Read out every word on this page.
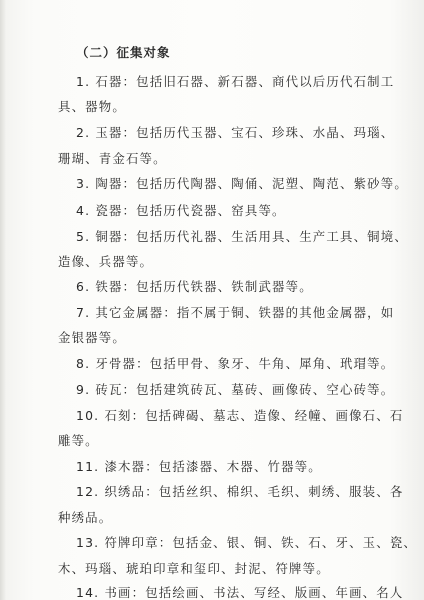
（二）征集对象
1. 石器：包括旧石器、新石器、商代以后历代石制工
具、器物。
2. 玉器：包括历代玉器、宝石、珍珠、水晶、玛瑙、
珊瑚、青金石等。
3. 陶器：包括历代陶器、陶俑、泥塑、陶范、紫砂等。
4. 瓷器：包括历代瓷器、窑具等。
5. 铜器：包括历代礼器、生活用具、生产工具、铜境、
造像、兵器等。
6. 铁器：包括历代铁器、铁制武器等。
7. 其它金属器：指不属于铜、铁器的其他金属器，如
金银器等。
8. 牙骨器：包括甲骨、象牙、牛角、犀角、玳瑁等。
9. 砖瓦：包括建筑砖瓦、墓砖、画像砖、空心砖等。
10. 石刻：包括碑碣、墓志、造像、经幢、画像石、石
雕等。
11. 漆木器：包括漆器、木器、竹器等。
12. 织绣品：包括丝织、棉织、毛织、刺绣、服装、各
种绣品。
13. 符牌印章：包括金、银、铜、铁、石、牙、玉、瓷、
木、玛瑙、琥珀印章和玺印、封泥、符牌等。
14. 书画：包括绘画、书法、写经、版画、年画、名人
